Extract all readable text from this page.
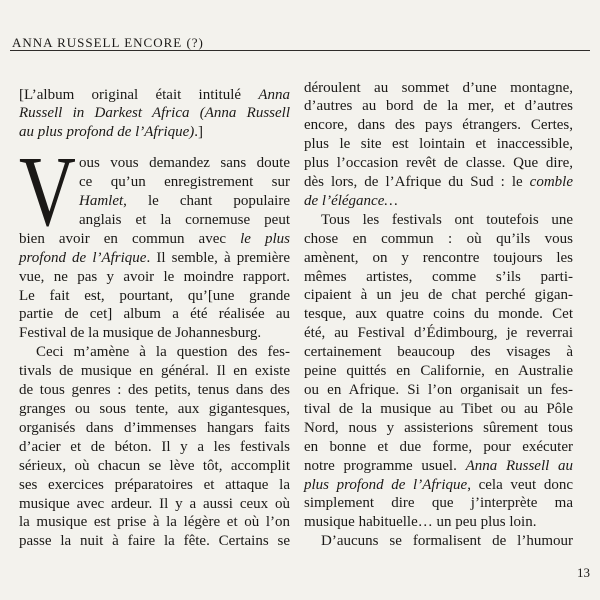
ANNA RUSSELL ENCORE (?)
[L’album original était intitulé Anna
Russell in Darkest Africa (Anna Russell
au plus profond de l’Afrique).]
V ous vous demandez sans doute
ce qu’un enregistrement sur
Hamlet, le chant populaire
anglais et la cornemuse peut
bien avoir en commun avec le plus
profond de l’Afrique. Il semble, à première
vue, ne pas y avoir le moindre rapport.
Le fait est, pourtant, qu’[une grande
partie de cet] album a été réalisée au
Festival de la musique de Johannesburg.
Ceci m’amène à la question des fes-
tivals de musique en général. Il en existe
de tous genres : des petits, tenus dans des
granges ou sous tente, aux gigantesques,
organisés dans d’immenses hangars faits
d’acier et de béton. Il y a les festivals
sérieux, où chacun se lève tôt, accomplit
ses exercices préparatoires et attaque la
musique avec ardeur. Il y a aussi ceux où
la musique est prise à la légère et où l’on
passe la nuit à faire la fête. Certains se
déroulent au sommet d’une montagne,
d’autres au bord de la mer, et d’autres
encore, dans des pays étrangers. Certes,
plus le site est lointain et inaccessible,
plus l’occasion revêt de classe. Que dire,
dès lors, de l’Afrique du Sud : le comble
de l’élégance…
Tous les festivals ont toutefois une
chose en commun : où qu’ils vous
amènent, on y rencontre toujours les
mêmes artistes, comme s’ils parti-
cipaient à un jeu de chat perché gigan-
tesque, aux quatre coins du monde. Cet
été, au Festival d’Édimbourg, je reverrai
certainement beaucoup des visages à
peine quittés en Californie, en Australie
ou en Afrique. Si l’on organisait un fes-
tival de la musique au Tibet ou au Pôle
Nord, nous y assisterions sûrement tous
en bonne et due forme, pour exécuter
notre programme usuel. Anna Russell au
plus profond de l’Afrique, cela veut donc
simplement dire que j’interprète ma
musique habituelle… un peu plus loin.
D’aucuns se formalisent de l’humour
13
